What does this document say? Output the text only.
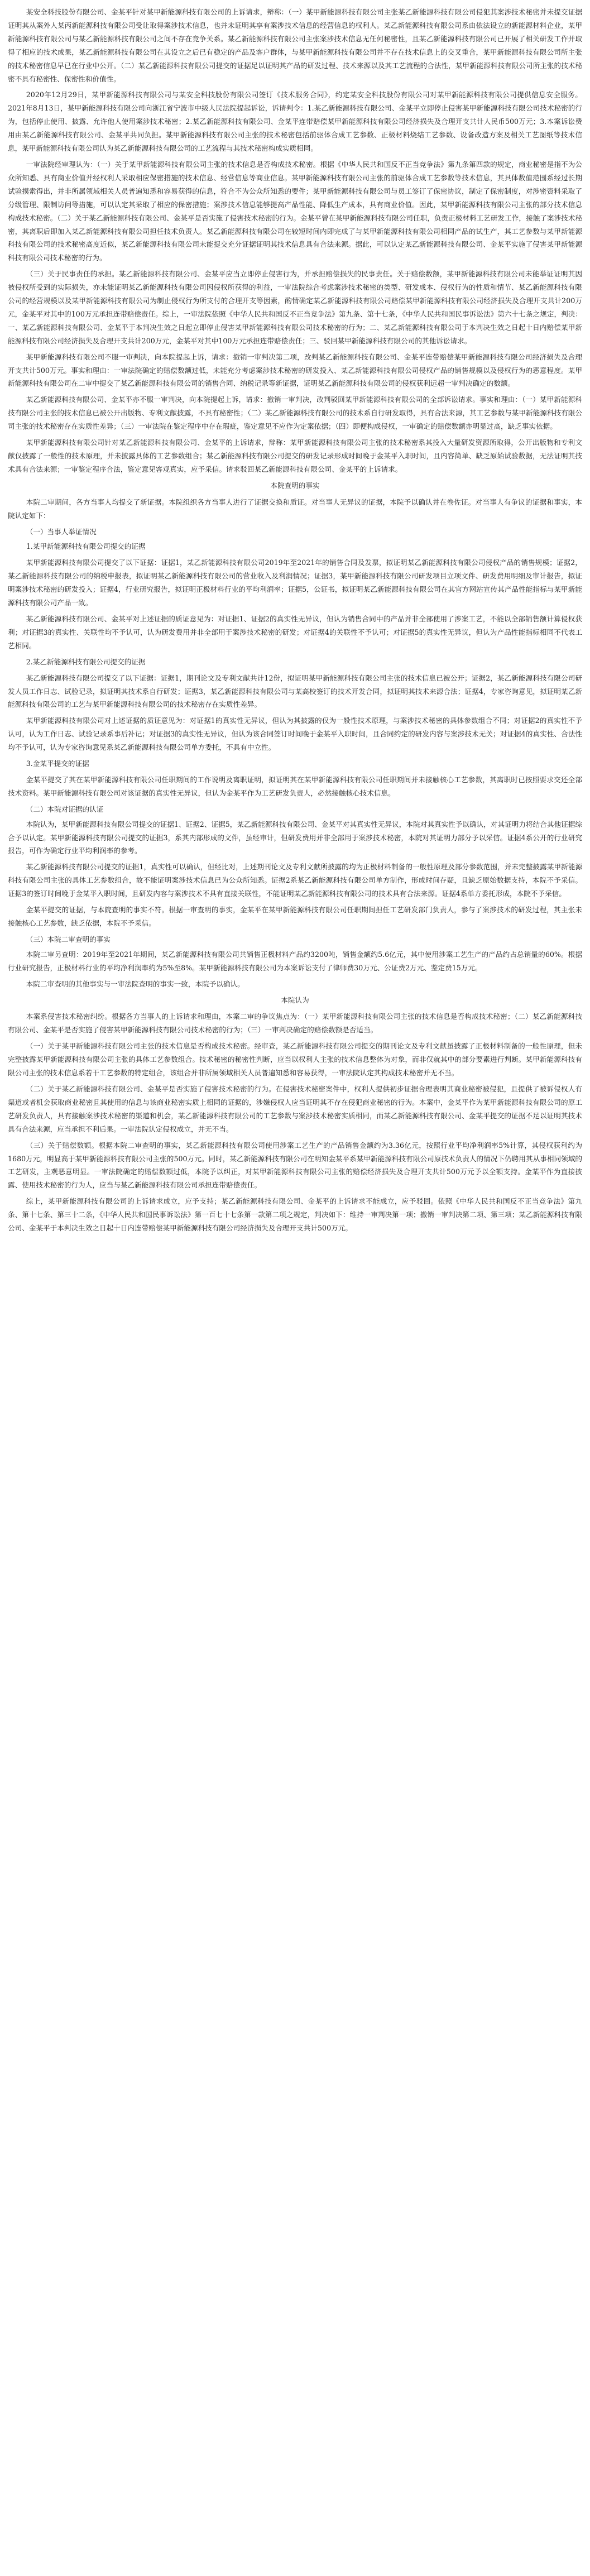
某安全科技股份有限公司、金某平针对某甲新能源科技有限公司的上诉请求，辩称：（一）某甲新能源科技有限公司主张某乙新能源科技有限公司侵犯其案涉技术秘密并未提交证据证明其从案外人某丙新能源科技有限公司受让取得案涉技术信息，也并未证明其享有案涉技术信息的经营信息的权利人。某乙新能源科技有限公司系由依法设立的新能源材料企业，某甲新能源科技有限公司与某乙新能源科技有限公司之间不存在竞争关系。某乙新能源科技有限公司主张案涉技术信息无任何秘密性，且某乙新能源科技有限公司已开展了相关研发工作并取得了相应的技术成果，某乙新能源科技有限公司在其设立之后已有稳定的产品及客户群体，与某甲新能源科技有限公司并不存在技术信息上的交叉重合，某甲新能源科技有限公司所主张的技术秘密信息早已在行业中公开。（二）某乙新能源科技有限公司提交的证据足以证明其产品的研发过程、技术来源以及其工艺流程的合法性，某甲新能源科技有限公司所主张的技术秘密不具有秘密性、保密性和价值性。

2020年12月29日，某甲新能源科技有限公司与某安全科技股份有限公司签订《技术服务合同》，约定某安全科技股份有限公司对某甲新能源科技有限公司提供信息安全服务。2021年8月13日，某甲新能源科技有限公司向浙江省宁波市中级人民法院提起诉讼，诉请判令：1.某乙新能源科技有限公司、金某平立即停止侵害某甲新能源科技有限公司技术秘密的行为，包括停止使用、披露、允许他人使用案涉技术秘密；2.某乙新能源科技有限公司、金某平连带赔偿某甲新能源科技有限公司经济损失及合理开支共计人民币500万元；3.本案诉讼费用由某乙新能源科技有限公司、金某平共同负担。某甲新能源科技有限公司主张的技术秘密包括前驱体合成工艺参数、正极材料烧结工艺参数、设备改造方案及相关工艺图纸等技术信息，某甲新能源科技有限公司认为某乙新能源科技有限公司的工艺流程与其技术秘密构成实质相同。

一审法院经审理认为：（一）关于某甲新能源科技有限公司主张的技术信息是否构成技术秘密。根据《中华人民共和国反不正当竞争法》第九条第四款的规定，商业秘密是指不为公众所知悉、具有商业价值并经权利人采取相应保密措施的技术信息、经营信息等商业信息。某甲新能源科技有限公司主张的前驱体合成工艺参数等技术信息，其具体数值范围系经过长期试验摸索得出，并非所属领域相关人员普遍知悉和容易获得的信息，符合不为公众所知悉的要件；某甲新能源科技有限公司与员工签订了保密协议，制定了保密制度，对涉密资料采取了分级管理、限制访问等措施，可以认定其采取了相应的保密措施；案涉技术信息能够提高产品性能、降低生产成本，具有商业价值。因此，某甲新能源科技有限公司主张的部分技术信息构成技术秘密。（二）关于某乙新能源科技有限公司、金某平是否实施了侵害技术秘密的行为。金某平曾在某甲新能源科技有限公司任职，负责正极材料工艺研发工作，接触了案涉技术秘密，其离职后即加入某乙新能源科技有限公司担任技术负责人。某乙新能源科技有限公司在较短时间内即完成了与某甲新能源科技有限公司相同产品的试生产，其工艺参数与某甲新能源科技有限公司的技术秘密高度近似，某乙新能源科技有限公司未能提交充分证据证明其技术信息具有合法来源。据此，可以认定某乙新能源科技有限公司、金某平实施了侵害某甲新能源科技有限公司技术秘密的行为。

（三）关于民事责任的承担。某乙新能源科技有限公司、金某平应当立即停止侵害行为，并承担赔偿损失的民事责任。关于赔偿数额，某甲新能源科技有限公司未能举证证明其因被侵权所受到的实际损失，亦未能证明某乙新能源科技有限公司因侵权所获得的利益，一审法院综合考虑案涉技术秘密的类型、研发成本、侵权行为的性质和情节、某乙新能源科技有限公司的经营规模以及某甲新能源科技有限公司为制止侵权行为所支付的合理开支等因素，酌情确定某乙新能源科技有限公司赔偿某甲新能源科技有限公司经济损失及合理开支共计200万元，金某平对其中的100万元承担连带赔偿责任。综上，一审法院依照《中华人民共和国反不正当竞争法》第九条、第十七条，《中华人民共和国民事诉讼法》第六十七条之规定，判决：一、某乙新能源科技有限公司、金某平于本判决生效之日起立即停止侵害某甲新能源科技有限公司技术秘密的行为；二、某乙新能源科技有限公司于本判决生效之日起十日内赔偿某甲新能源科技有限公司经济损失及合理开支共计200万元，金某平对其中100万元承担连带赔偿责任；三、驳回某甲新能源科技有限公司的其他诉讼请求。

某甲新能源科技有限公司不服一审判决，向本院提起上诉，请求：撤销一审判决第二项，改判某乙新能源科技有限公司、金某平连带赔偿某甲新能源科技有限公司经济损失及合理开支共计500万元。事实和理由：一审法院确定的赔偿数额过低，未能充分考虑案涉技术秘密的研发投入、某乙新能源科技有限公司侵权产品的销售规模以及侵权行为的恶意程度。某甲新能源科技有限公司在二审中提交了某乙新能源科技有限公司的销售合同、纳税记录等新证据，证明某乙新能源科技有限公司的侵权获利远超一审判决确定的数额。

某乙新能源科技有限公司、金某平亦不服一审判决，向本院提起上诉，请求：撤销一审判决，改判驳回某甲新能源科技有限公司的全部诉讼请求。事实和理由：（一）某甲新能源科技有限公司主张的技术信息已被公开出版物、专利文献披露，不具有秘密性；（二）某乙新能源科技有限公司的技术系自行研发取得，具有合法来源，其工艺参数与某甲新能源科技有限公司主张的技术秘密存在实质性差异；（三）一审法院在鉴定程序中存在瑕疵，鉴定意见不应作为定案依据；（四）即便构成侵权，一审确定的赔偿数额亦明显过高，缺乏事实依据。

某甲新能源科技有限公司针对某乙新能源科技有限公司、金某平的上诉请求，辩称：某甲新能源科技有限公司主张的技术秘密系其投入大量研发资源所取得，公开出版物和专利文献仅披露了一般性的技术原理，并未披露具体的工艺参数组合；某乙新能源科技有限公司提交的研发记录形成时间晚于金某平入职时间，且内容简单、缺乏原始试验数据，无法证明其技术具有合法来源；一审鉴定程序合法，鉴定意见客观真实，应予采信。请求驳回某乙新能源科技有限公司、金某平的上诉请求。

本院查明的事实

本院二审期间，各方当事人均提交了新证据。本院组织各方当事人进行了证据交换和质证。对当事人无异议的证据，本院予以确认并在卷佐证。对当事人有争议的证据和事实，本院认定如下：

（一）当事人举证情况

1.某甲新能源科技有限公司提交的证据

某甲新能源科技有限公司提交了以下证据：证据1，某乙新能源科技有限公司2019年至2021年的销售合同及发票，拟证明某乙新能源科技有限公司侵权产品的销售规模；证据2，某乙新能源科技有限公司的纳税申报表，拟证明某乙新能源科技有限公司的营业收入及利润情况；证据3，某甲新能源科技有限公司研发项目立项文件、研发费用明细及审计报告，拟证明案涉技术秘密的研发投入；证据4，行业研究报告，拟证明正极材料行业的平均利润率；证据5，公证书，拟证明某乙新能源科技有限公司在其官方网站宣传其产品性能指标与某甲新能源科技有限公司产品一致。

某乙新能源科技有限公司、金某平对上述证据的质证意见为：对证据1、证据2的真实性无异议，但认为销售合同中的产品并非全部使用了涉案工艺，不能以全部销售额计算侵权获利；对证据3的真实性、关联性均不予认可，认为研发费用并非全部用于案涉技术秘密的研发；对证据4的关联性不予认可；对证据5的真实性无异议，但认为产品性能指标相同不代表工艺相同。

2.某乙新能源科技有限公司提交的证据

某乙新能源科技有限公司提交了以下证据：证据1，期刊论文及专利文献共计12份，拟证明某甲新能源科技有限公司主张的技术信息已被公开；证据2，某乙新能源科技有限公司研发人员工作日志、试验记录，拟证明其技术系自行研发；证据3，某乙新能源科技有限公司与某高校签订的技术开发合同，拟证明其技术来源合法；证据4，专家咨询意见，拟证明某乙新能源科技有限公司的工艺与某甲新能源科技有限公司的技术秘密存在实质性差异。

某甲新能源科技有限公司对上述证据的质证意见为：对证据1的真实性无异议，但认为其披露的仅为一般性技术原理，与案涉技术秘密的具体参数组合不同；对证据2的真实性不予认可，认为工作日志、试验记录系事后补记；对证据3的真实性无异议，但认为该合同签订时间晚于金某平入职时间，且合同约定的研发内容与案涉技术无关；对证据4的真实性、合法性均不予认可，认为专家咨询意见系某乙新能源科技有限公司单方委托，不具有中立性。

3.金某平提交的证据

金某平提交了其在某甲新能源科技有限公司任职期间的工作说明及离职证明，拟证明其在某甲新能源科技有限公司任职期间并未接触核心工艺参数，其离职时已按照要求交还全部技术资料。某甲新能源科技有限公司对该证据的真实性无异议，但认为金某平作为工艺研发负责人，必然接触核心技术信息。

（二）本院对证据的认证

本院认为，某甲新能源科技有限公司提交的证据1、证据2、证据5，某乙新能源科技有限公司、金某平对其真实性无异议，本院对其真实性予以确认，对其证明力将结合其他证据综合予以认定。某甲新能源科技有限公司提交的证据3，系其内部形成的文件，虽经审计，但研发费用并非全部用于案涉技术秘密，本院对其证明力部分予以采信。证据4系公开的行业研究报告，可作为确定行业平均利润率的参考。

某乙新能源科技有限公司提交的证据1，真实性可以确认，但经比对，上述期刊论文及专利文献所披露的均为正极材料制备的一般性原理及部分参数范围，并未完整披露某甲新能源科技有限公司主张的具体工艺参数组合，故不能证明案涉技术信息已为公众所知悉。证据2系某乙新能源科技有限公司单方制作，形成时间存疑，且缺乏原始数据支持，本院不予采信。证据3的签订时间晚于金某平入职时间，且研发内容与案涉技术不具有直接关联性，不能证明某乙新能源科技有限公司的技术具有合法来源。证据4系单方委托形成，本院不予采信。

金某平提交的证据，与本院查明的事实不符。根据一审查明的事实，金某平在某甲新能源科技有限公司任职期间担任工艺研发部门负责人，参与了案涉技术的研发过程，其主张未接触核心工艺参数，缺乏依据，本院不予采信。

（三）本院二审查明的事实

本院二审另查明：2019年至2021年期间，某乙新能源科技有限公司共销售正极材料产品约3200吨，销售金额约5.6亿元，其中使用涉案工艺生产的产品约占总销量的60%。根据行业研究报告，正极材料行业的平均净利润率约为5%至8%。某甲新能源科技有限公司为本案诉讼支付了律师费30万元、公证费2万元、鉴定费15万元。

本院二审查明的其他事实与一审法院查明的事实一致，本院予以确认。

本院认为

本案系侵害技术秘密纠纷。根据各方当事人的上诉请求和理由，本案二审的争议焦点为：（一）某甲新能源科技有限公司主张的技术信息是否构成技术秘密；（二）某乙新能源科技有限公司、金某平是否实施了侵害某甲新能源科技有限公司技术秘密的行为；（三）一审判决确定的赔偿数额是否适当。

（一）关于某甲新能源科技有限公司主张的技术信息是否构成技术秘密。经审查，某乙新能源科技有限公司提交的期刊论文及专利文献虽披露了正极材料制备的一般性原理，但未完整披露某甲新能源科技有限公司主张的具体工艺参数组合。技术秘密的秘密性判断，应当以权利人主张的技术信息整体为对象，而非仅就其中的部分要素进行判断。某甲新能源科技有限公司主张的技术信息系若干工艺参数的特定组合，该组合并非所属领域相关人员普遍知悉和容易获得，一审法院认定其构成技术秘密并无不当。

（二）关于某乙新能源科技有限公司、金某平是否实施了侵害技术秘密的行为。在侵害技术秘密案件中，权利人提供初步证据合理表明其商业秘密被侵犯，且提供了被诉侵权人有渠道或者机会获取商业秘密且其使用的信息与该商业秘密实质上相同的证据的，涉嫌侵权人应当证明其不存在侵犯商业秘密的行为。本案中，金某平作为某甲新能源科技有限公司的原工艺研发负责人，具有接触案涉技术秘密的渠道和机会，某乙新能源科技有限公司的工艺参数与案涉技术秘密实质相同，而某乙新能源科技有限公司、金某平提交的证据不足以证明其技术具有合法来源，应当承担不利后果。一审法院认定侵权成立，并无不当。

（三）关于赔偿数额。根据本院二审查明的事实，某乙新能源科技有限公司使用涉案工艺生产的产品销售金额约为3.36亿元，按照行业平均净利润率5%计算，其侵权获利约为1680万元，明显高于某甲新能源科技有限公司主张的500万元。同时，某乙新能源科技有限公司在明知金某平系某甲新能源科技有限公司原技术负责人的情况下仍聘用其从事相同领域的工艺研发，主观恶意明显。一审法院确定的赔偿数额过低，本院予以纠正，对某甲新能源科技有限公司主张的赔偿经济损失及合理开支共计500万元予以全额支持。金某平作为直接披露、使用技术秘密的行为人，应当与某乙新能源科技有限公司承担连带赔偿责任。

综上，某甲新能源科技有限公司的上诉请求成立，应予支持；某乙新能源科技有限公司、金某平的上诉请求不能成立，应予驳回。依照《中华人民共和国反不正当竞争法》第九条、第十七条、第三十二条，《中华人民共和国民事诉讼法》第一百七十七条第一款第二项之规定，判决如下：维持一审判决第一项；撤销一审判决第二项、第三项；某乙新能源科技有限公司、金某平于本判决生效之日起十日内连带赔偿某甲新能源科技有限公司经济损失及合理开支共计500万元。
